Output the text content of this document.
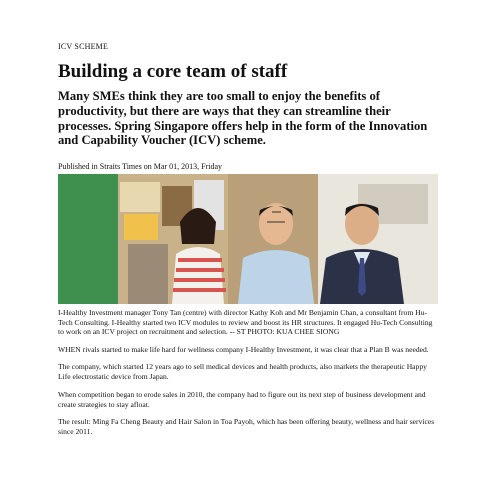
ICV SCHEME
Building a core team of staff

Many SMEs think they are too small to enjoy the benefits of productivity, but there are ways that they can streamline their processes. Spring Singapore offers help in the form of the Innovation and Capability Voucher (ICV) scheme.

Published in Straits Times on Mar 01, 2013, Friday
I-Healthy Investment manager Tony Tan (centre) with director Kathy Koh and Mr Benjamin Chan, a consultant from Hu-Tech Consulting. I-Healthy started two ICV modules to review and boost its HR structures. It engaged Hu-Tech Consulting to work on an ICV project on recruitment and selection. -- ST PHOTO: KUA CHEE SIONG

WHEN rivals started to make life hard for wellness company I-Healthy Investment, it was clear that a Plan B was needed.

The company, which started 12 years ago to sell medical devices and health products, also markets the therapeutic Happy Life electrostatic device from Japan.

When competition began to erode sales in 2010, the company had to figure out its next step of business development and create strategies to stay afloat.

The result: Ming Fa Cheng Beauty and Hair Salon in Toa Payoh, which has been offering beauty, wellness and hair services since 2011.
